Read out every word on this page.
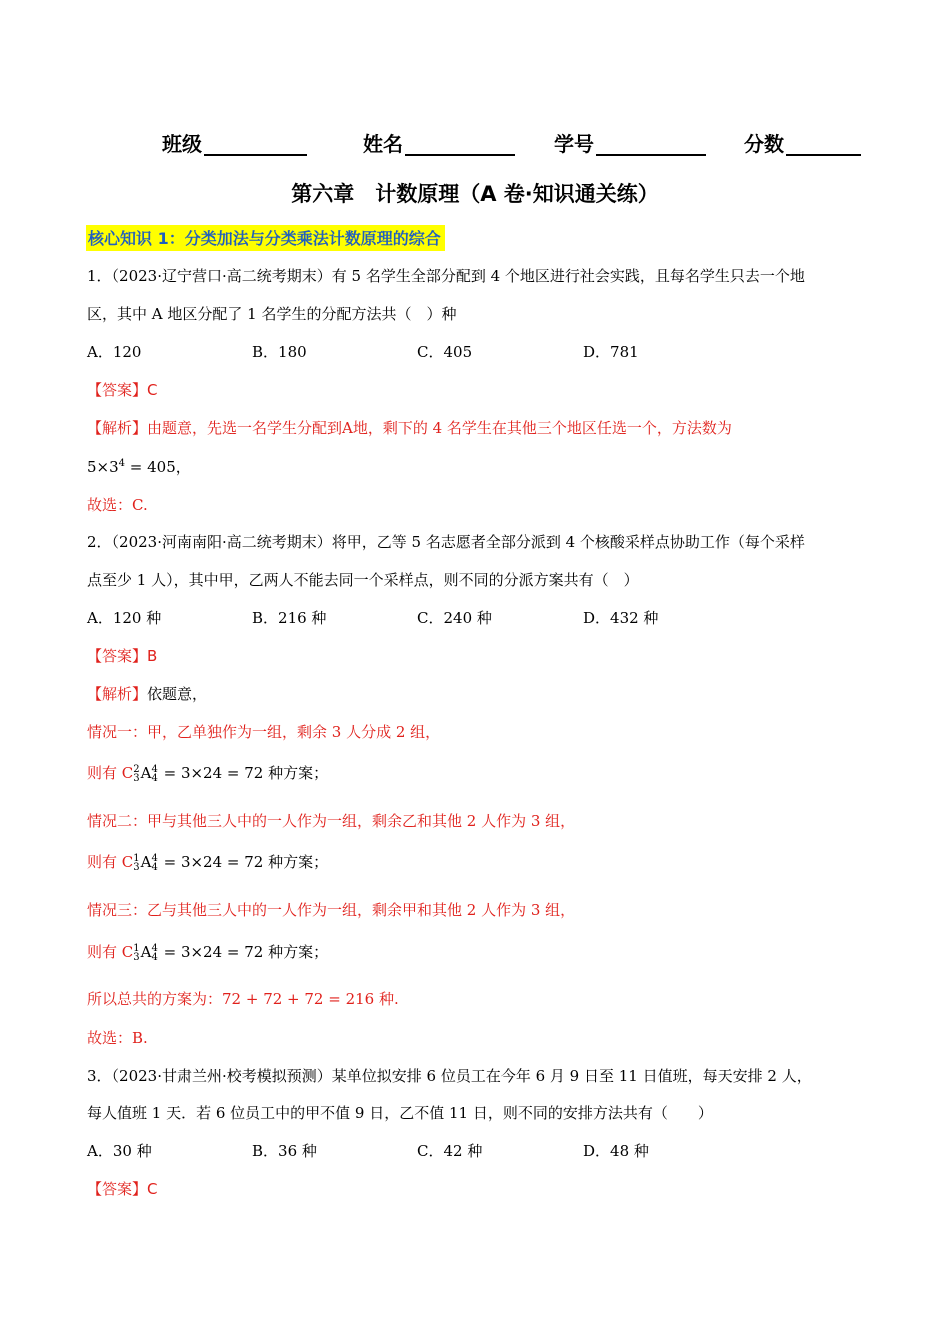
班级	姓名	学号	分数
第六章　计数原理（A 卷·知识通关练）
核心知识 1：分类加法与分类乘法计数原理的综合
1．（2023·辽宁营口·高二统考期末）有 5 名学生全部分配到 4 个地区进行社会实践，且每名学生只去一个地
区，其中 A 地区分配了 1 名学生的分配方法共（　）种
A．120	B．180	C．405	D．781
【答案】C
【解析】由题意，先选一名学生分配到A地，剩下的 4 名学生在其他三个地区任选一个，方法数为
$5\times 3^4 = 405$，
故选：C.
2．（2023·河南南阳·高二统考期末）将甲，乙等 5 名志愿者全部分派到 4 个核酸采样点协助工作（每个采样
点至少 1 人），其中甲，乙两人不能去同一个采样点，则不同的分派方案共有（　）
A．120 种	B．216 种	C．240 种	D．432 种
【答案】B
【解析】依题意，
情况一：甲，乙单独作为一组，剩余 3 人分成 2 组，
则有 C 2
3 A 4
4 = 3×24 = 72 种方案；
情况二：甲与其他三人中的一人作为一组，剩余乙和其他 2 人作为 3 组，
则有 C 1
3 A 4
4 = 3×24 = 72 种方案；
情况三：乙与其他三人中的一人作为一组，剩余甲和其他 2 人作为 3 组，
则有 C 1
3 A 4
4 = 3×24 = 72 种方案；
所以总共的方案为：72 + 72 + 72 = 216 种.
故选：B.
3．（2023·甘肃兰州·校考模拟预测）某单位拟安排 6 位员工在今年 6 月 9 日至 11 日值班，每天安排 2 人，
每人值班 1 天．若 6 位员工中的甲不值 9 日，乙不值 11 日，则不同的安排方法共有（　　）
A．30 种	B．36 种	C．42 种	D．48 种
【答案】C
